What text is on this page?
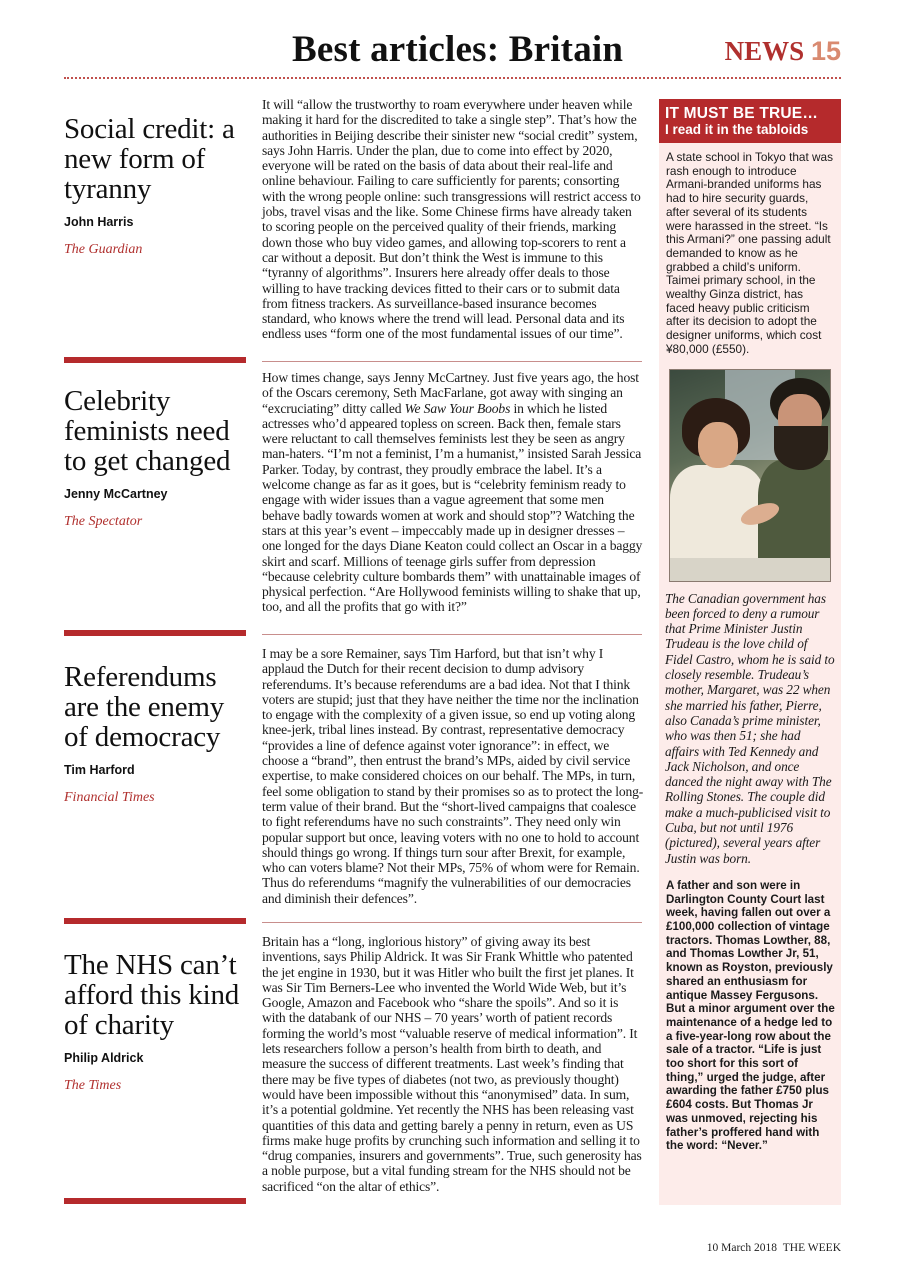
Best articles: Britain	NEWS 15
Social credit: a new form of tyranny
John Harris
The Guardian
It will “allow the trustworthy to roam everywhere under heaven while making it hard for the discredited to take a single step”. That’s how the authorities in Beijing describe their sinister new “social credit” system, says John Harris. Under the plan, due to come into effect by 2020, everyone will be rated on the basis of data about their real-life and online behaviour. Failing to care sufficiently for parents; consorting with the wrong people online: such transgressions will restrict access to jobs, travel visas and the like. Some Chinese firms have already taken to scoring people on the perceived quality of their friends, marking down those who buy video games, and allowing top-scorers to rent a car without a deposit. But don’t think the West is immune to this “tyranny of algorithms”. Insurers here already offer deals to those willing to have tracking devices fitted to their cars or to submit data from fitness trackers. As surveillance-based insurance becomes standard, who knows where the trend will lead. Personal data and its endless uses “form one of the most fundamental issues of our time”.
Celebrity feminists need to get changed
Jenny McCartney
The Spectator
How times change, says Jenny McCartney. Just five years ago, the host of the Oscars ceremony, Seth MacFarlane, got away with singing an “excruciating” ditty called We Saw Your Boobs in which he listed actresses who’d appeared topless on screen. Back then, female stars were reluctant to call themselves feminists lest they be seen as angry man-haters. “I’m not a feminist, I’m a humanist,” insisted Sarah Jessica Parker. Today, by contrast, they proudly embrace the label. It’s a welcome change as far as it goes, but is “celebrity feminism ready to engage with wider issues than a vague agreement that some men behave badly towards women at work and should stop”? Watching the stars at this year’s event – impeccably made up in designer dresses – one longed for the days Diane Keaton could collect an Oscar in a baggy skirt and scarf. Millions of teenage girls suffer from depression “because celebrity culture bombards them” with unattainable images of physical perfection. “Are Hollywood feminists willing to shake that up, too, and all the profits that go with it?”
Referendums are the enemy of democracy
Tim Harford
Financial Times
I may be a sore Remainer, says Tim Harford, but that isn’t why I applaud the Dutch for their recent decision to dump advisory referendums. It’s because referendums are a bad idea. Not that I think voters are stupid; just that they have neither the time nor the inclination to engage with the complexity of a given issue, so end up voting along knee-jerk, tribal lines instead. By contrast, representative democracy “provides a line of defence against voter ignorance”: in effect, we choose a “brand”, then entrust the brand’s MPs, aided by civil service expertise, to make considered choices on our behalf. The MPs, in turn, feel some obligation to stand by their promises so as to protect the long-term value of their brand. But the “short-lived campaigns that coalesce to fight referendums have no such constraints”. They need only win popular support but once, leaving voters with no one to hold to account should things go wrong. If things turn sour after Brexit, for example, who can voters blame? Not their MPs, 75% of whom were for Remain. Thus do referendums “magnify the vulnerabilities of our democracies and diminish their defences”.
The NHS can’t afford this kind of charity
Philip Aldrick
The Times
Britain has a “long, inglorious history” of giving away its best inventions, says Philip Aldrick. It was Sir Frank Whittle who patented the jet engine in 1930, but it was Hitler who built the first jet planes. It was Sir Tim Berners-Lee who invented the World Wide Web, but it’s Google, Amazon and Facebook who “share the spoils”. And so it is with the databank of our NHS – 70 years’ worth of patient records forming the world’s most “valuable reserve of medical information”. It lets researchers follow a person’s health from birth to death, and measure the success of different treatments. Last week’s finding that there may be five types of diabetes (not two, as previously thought) would have been impossible without this “anonymised” data. In sum, it’s a potential goldmine. Yet recently the NHS has been releasing vast quantities of this data and getting barely a penny in return, even as US firms make huge profits by crunching such information and selling it to “drug companies, insurers and governments”. True, such generosity has a noble purpose, but a vital funding stream for the NHS should not be sacrificed “on the altar of ethics”.
IT MUST BE TRUE…
I read it in the tabloids
A state school in Tokyo that was rash enough to introduce Armani-branded uniforms has had to hire security guards, after several of its students were harassed in the street. “Is this Armani?” one passing adult demanded to know as he grabbed a child’s uniform. Taimei primary school, in the wealthy Ginza district, has faced heavy public criticism after its decision to adopt the designer uniforms, which cost ¥80,000 (£550).
The Canadian government has been forced to deny a rumour that Prime Minister Justin Trudeau is the love child of Fidel Castro, whom he is said to closely resemble. Trudeau’s mother, Margaret, was 22 when she married his father, Pierre, also Canada’s prime minister, who was then 51; she had affairs with Ted Kennedy and Jack Nicholson, and once danced the night away with The Rolling Stones. The couple did make a much-publicised visit to Cuba, but not until 1976 (pictured), several years after Justin was born.
A father and son were in Darlington County Court last week, having fallen out over a £100,000 collection of vintage tractors. Thomas Lowther, 88, and Thomas Lowther Jr, 51, known as Royston, previously shared an enthusiasm for antique Massey Fergusons. But a minor argument over the maintenance of a hedge led to a five-year-long row about the sale of a tractor. “Life is just too short for this sort of thing,” urged the judge, after awarding the father £750 plus £604 costs. But Thomas Jr was unmoved, rejecting his father’s proffered hand with the word: “Never.”
10 March 2018 THE WEEK
